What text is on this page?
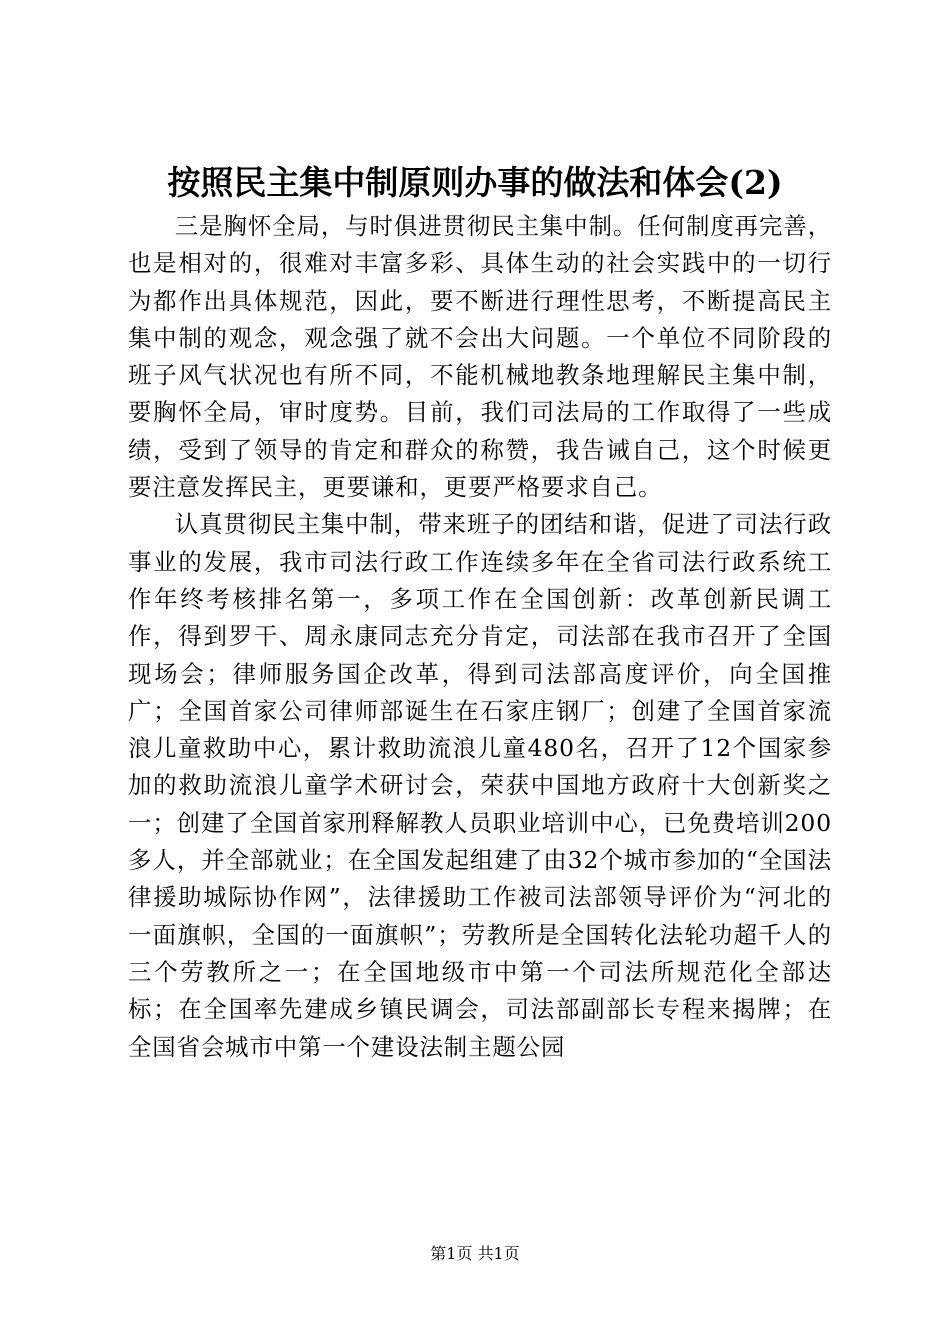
按照民主集中制原则办事的做法和体会(2)

三是胸怀全局，与时俱进贯彻民主集中制。任何制度再完善，也是相对的，很难对丰富多彩、具体生动的社会实践中的一切行为都作出具体规范，因此，要不断进行理性思考，不断提高民主集中制的观念，观念强了就不会出大问题。一个单位不同阶段的班子风气状况也有所不同，不能机械地教条地理解民主集中制，要胸怀全局，审时度势。目前，我们司法局的工作取得了一些成绩，受到了领导的肯定和群众的称赞，我告诫自己，这个时候更要注意发挥民主，更要谦和，更要严格要求自己。

认真贯彻民主集中制，带来班子的团结和谐，促进了司法行政事业的发展，我市司法行政工作连续多年在全省司法行政系统工作年终考核排名第一，多项工作在全国创新：改革创新民调工作，得到罗干、周永康同志充分肯定，司法部在我市召开了全国现场会；律师服务国企改革，得到司法部高度评价，向全国推广；全国首家公司律师部诞生在石家庄钢厂；创建了全国首家流浪儿童救助中心，累计救助流浪儿童480名，召开了12个国家参加的救助流浪儿童学术研讨会，荣获中国地方政府十大创新奖之一；创建了全国首家刑释解教人员职业培训中心，已免费培训200多人，并全部就业；在全国发起组建了由32个城市参加的“全国法律援助城际协作网”，法律援助工作被司法部领导评价为“河北的一面旗帜，全国的一面旗帜”；劳教所是全国转化法轮功超千人的三个劳教所之一；在全国地级市中第一个司法所规范化全部达标；在全国率先建成乡镇民调会，司法部副部长专程来揭牌；在全国省会城市中第一个建设法制主题公园

第1页 共1页
